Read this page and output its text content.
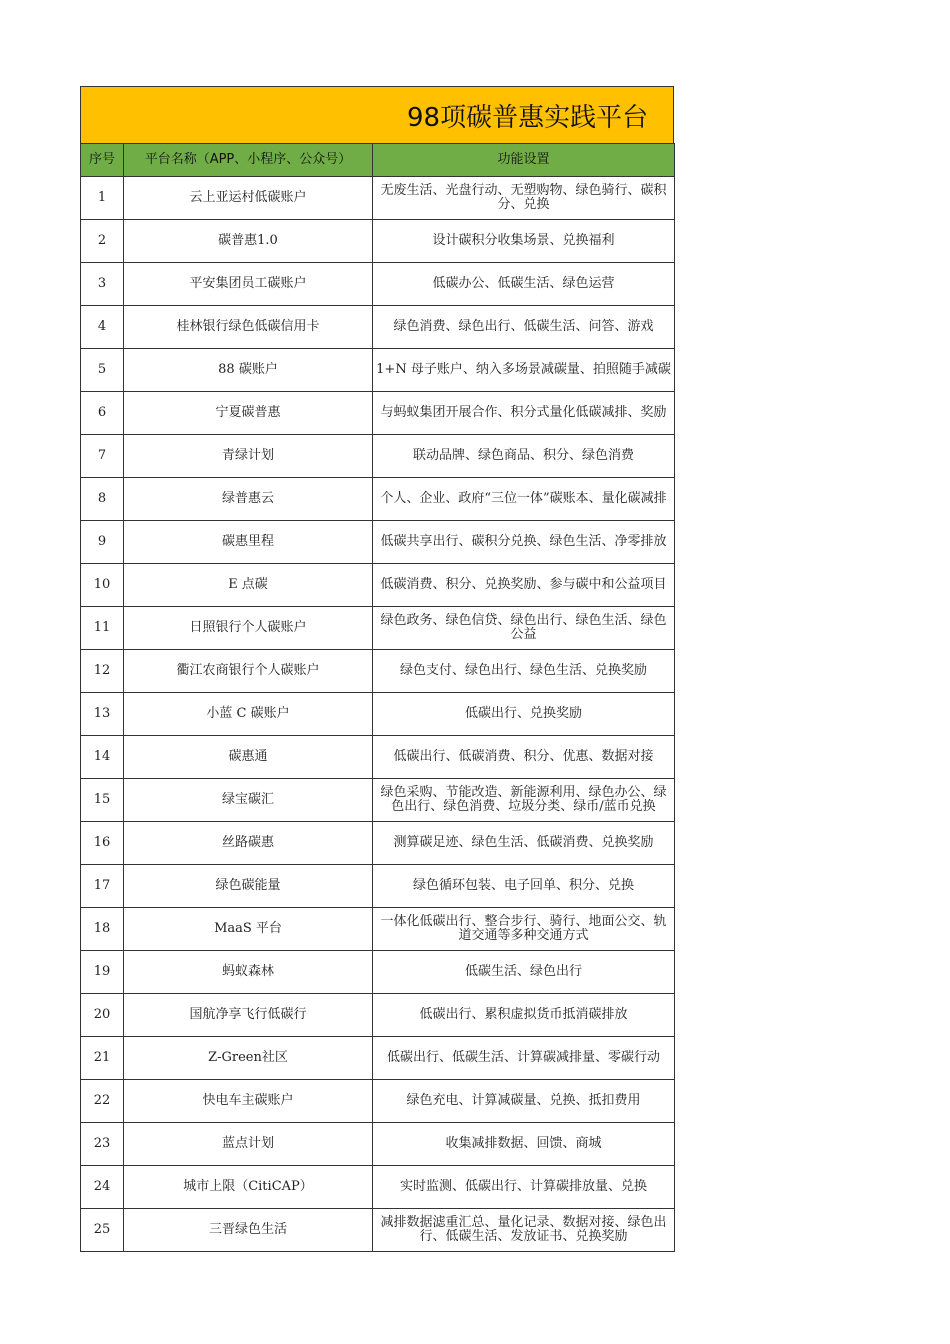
98项碳普惠实践平台
序号	平台名称（APP、小程序、公众号）	功能设置
1	云上亚运村低碳账户	无废生活、光盘行动、无塑购物、绿色骑行、碳积分、兑换
2	碳普惠1.0	设计碳积分收集场景、兑换福利
3	平安集团员工碳账户	低碳办公、低碳生活、绿色运营
4	桂林银行绿色低碳信用卡	绿色消费、绿色出行、低碳生活、问答、游戏
5	88 碳账户	1+N 母子账户、纳入多场景减碳量、拍照随手减碳
6	宁夏碳普惠	与蚂蚁集团开展合作、积分式量化低碳减排、奖励
7	青绿计划	联动品牌、绿色商品、积分、绿色消费
8	绿普惠云	个人、企业、政府“三位一体”碳账本、量化碳减排
9	碳惠里程	低碳共享出行、碳积分兑换、绿色生活、净零排放
10	E 点碳	低碳消费、积分、兑换奖励、参与碳中和公益项目
11	日照银行个人碳账户	绿色政务、绿色信贷、绿色出行、绿色生活、绿色公益
12	衢江农商银行个人碳账户	绿色支付、绿色出行、绿色生活、兑换奖励
13	小蓝 C 碳账户	低碳出行、兑换奖励
14	碳惠通	低碳出行、低碳消费、积分、优惠、数据对接
15	绿宝碳汇	绿色采购、节能改造、新能源利用、绿色办公、绿色出行、绿色消费、垃圾分类、绿币/蓝币兑换
16	丝路碳惠	测算碳足迹、绿色生活、低碳消费、兑换奖励
17	绿色碳能量	绿色循环包装、电子回单、积分、兑换
18	MaaS 平台	一体化低碳出行、整合步行、骑行、地面公交、轨道交通等多种交通方式
19	蚂蚁森林	低碳生活、绿色出行
20	国航净享飞行低碳行	低碳出行、累积虚拟货币抵消碳排放
21	Z-Green社区	低碳出行、低碳生活、计算碳减排量、零碳行动
22	快电车主碳账户	绿色充电、计算减碳量、兑换、抵扣费用
23	蓝点计划	收集减排数据、回馈、商城
24	城市上限（CitiCAP）	实时监测、低碳出行、计算碳排放量、兑换
25	三晋绿色生活	减排数据滤重汇总、量化记录、数据对接、绿色出行、低碳生活、发放证书、兑换奖励
